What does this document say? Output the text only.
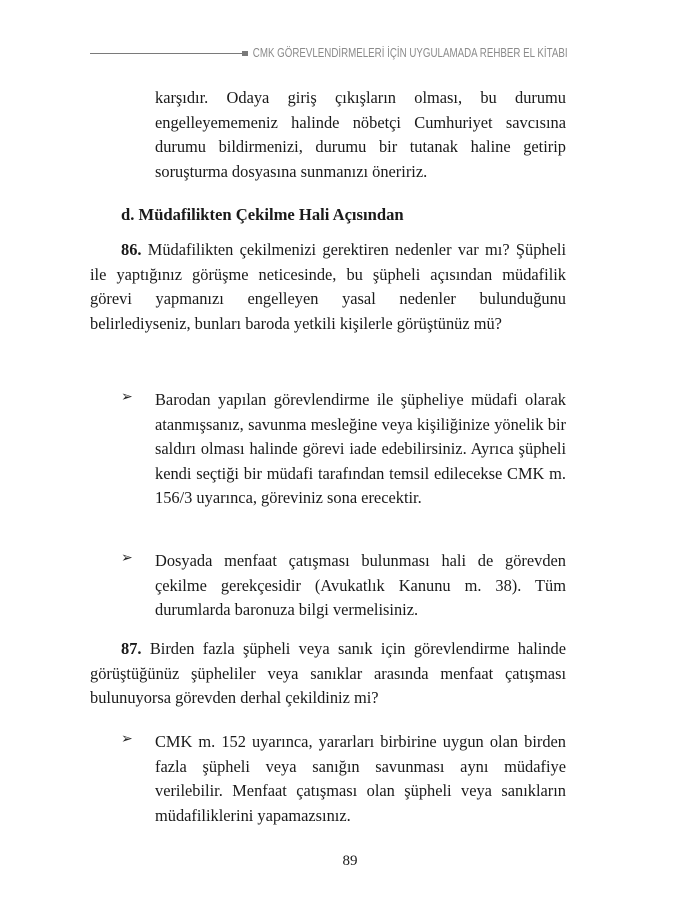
CMK GÖREVLENDİRMELERİ İÇİN UYGULAMADA REHBER EL KİTABI
karşıdır. Odaya giriş çıkışların olması, bu durumu engelleyememeniz halinde nöbetçi Cumhuriyet savcısına durumu bildirmenizi, durumu bir tutanak haline getirip soruşturma dosyasına sunmanızı öneririz.
d. Müdafilikten Çekilme Hali Açısından
86. Müdafilikten çekilmenizi gerektiren nedenler var mı? Şüpheli ile yaptığınız görüşme neticesinde, bu şüpheli açısından müdafilik görevi yapmanızı engelleyen yasal nedenler bulunduğunu belirlediyseniz, bunları baroda yetkili kişilerle görüştünüz mü?
➢ Barodan yapılan görevlendirme ile şüpheliye müdafi olarak atanmışsanız, savunma mesleğine veya kişiliğinize yönelik bir saldırı olması halinde görevi iade edebilirsiniz. Ayrıca şüpheli kendi seçtiği bir müdafi tarafından temsil edilecekse CMK m. 156/3 uyarınca, göreviniz sona erecektir.
➢ Dosyada menfaat çatışması bulunması hali de görevden çekilme gerekçesidir (Avukatlık Kanunu m. 38). Tüm durumlarda baronuza bilgi vermelisiniz.
87. Birden fazla şüpheli veya sanık için görevlendirme halinde görüştüğünüz şüpheliler veya sanıklar arasında menfaat çatışması bulunuyorsa görevden derhal çekildiniz mi?
➢ CMK m. 152 uyarınca, yararları birbirine uygun olan birden fazla şüpheli veya sanığın savunması aynı müdafiye verilebilir. Menfaat çatışması olan şüpheli veya sanıkların müdafiliklerini yapamazsınız.
89
